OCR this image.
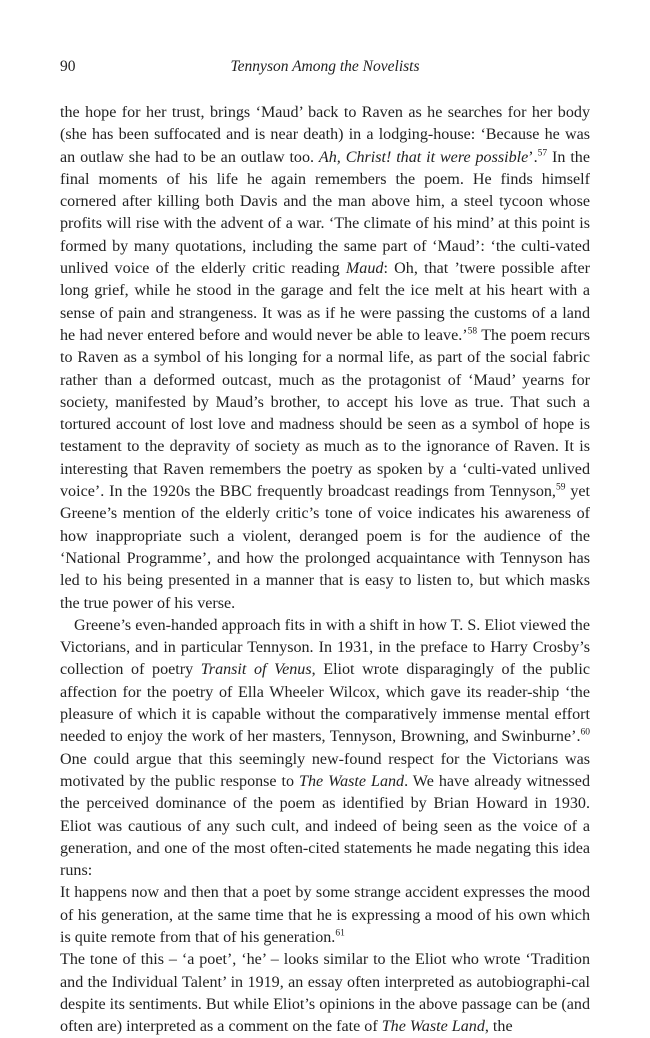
90	Tennyson Among the Novelists

the hope for her trust, brings ‘Maud’ back to Raven as he searches for her body (she has been suffocated and is near death) in a lodging-house: ‘Because he was an outlaw she had to be an outlaw too. Ah, Christ! that it were possible’.$^{57}$ In the final moments of his life he again remembers the poem. He finds himself cornered after killing both Davis and the man above him, a steel tycoon whose profits will rise with the advent of a war. ‘The climate of his mind’ at this point is formed by many quotations, including the same part of ‘Maud’: ‘the culti-vated unlived voice of the elderly critic reading Maud: Oh, that ’twere possible after long grief, while he stood in the garage and felt the ice melt at his heart with a sense of pain and strangeness. It was as if he were passing the customs of a land he had never entered before and would never be able to leave.’$^{58}$ The poem recurs to Raven as a symbol of his longing for a normal life, as part of the social fabric rather than a deformed outcast, much as the protagonist of ‘Maud’ yearns for society, manifested by Maud’s brother, to accept his love as true. That such a tortured account of lost love and madness should be seen as a symbol of hope is testament to the depravity of society as much as to the ignorance of Raven. It is interesting that Raven remembers the poetry as spoken by a ‘culti-vated unlived voice’. In the 1920s the BBC frequently broadcast readings from Tennyson,$^{59}$ yet Greene’s mention of the elderly critic’s tone of voice indicates his awareness of how inappropriate such a violent, deranged poem is for the audience of the ‘National Programme’, and how the prolonged acquaintance with Tennyson has led to his being presented in a manner that is easy to listen to, but which masks the true power of his verse.

Greene’s even-handed approach fits in with a shift in how T. S. Eliot viewed the Victorians, and in particular Tennyson. In 1931, in the preface to Harry Crosby’s collection of poetry Transit of Venus, Eliot wrote disparagingly of the public affection for the poetry of Ella Wheeler Wilcox, which gave its reader-ship ‘the pleasure of which it is capable without the comparatively immense mental effort needed to enjoy the work of her masters, Tennyson, Browning, and Swinburne’.$^{60}$ One could argue that this seemingly new-found respect for the Victorians was motivated by the public response to The Waste Land. We have already witnessed the perceived dominance of the poem as identified by Brian Howard in 1930. Eliot was cautious of any such cult, and indeed of being seen as the voice of a generation, and one of the most often-cited statements he made negating this idea runs:

It happens now and then that a poet by some strange accident expresses the mood of his generation, at the same time that he is expressing a mood of his own which is quite remote from that of his generation.$^{61}$

The tone of this – ‘a poet’, ‘he’ – looks similar to the Eliot who wrote ‘Tradition and the Individual Talent’ in 1919, an essay often interpreted as autobiographi-cal despite its sentiments. But while Eliot’s opinions in the above passage can be (and often are) interpreted as a comment on the fate of The Waste Land, the
